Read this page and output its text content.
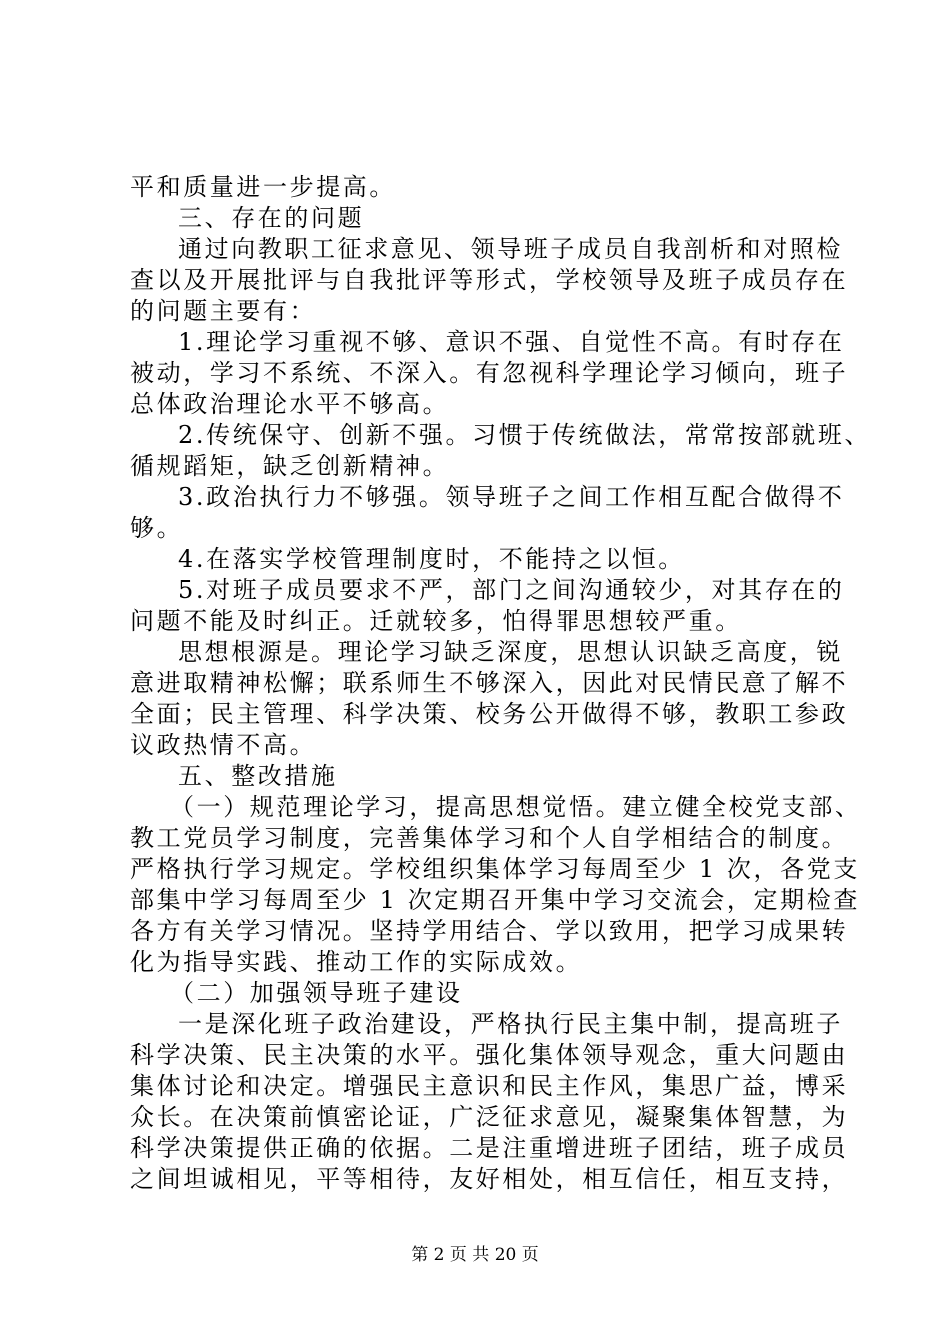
平和质量进一步提高。
三、存在的问题
通过向教职工征求意见、领导班子成员自我剖析和对照检
查以及开展批评与自我批评等形式，学校领导及班子成员存在
的问题主要有：
1.理论学习重视不够、意识不强、自觉性不高。有时存在
被动，学习不系统、不深入。有忽视科学理论学习倾向，班子
总体政治理论水平不够高。
2.传统保守、创新不强。习惯于传统做法，常常按部就班、
循规蹈矩，缺乏创新精神。
3.政治执行力不够强。领导班子之间工作相互配合做得不
够。
4.在落实学校管理制度时，不能持之以恒。
5.对班子成员要求不严，部门之间沟通较少，对其存在的
问题不能及时纠正。迁就较多，怕得罪思想较严重。
思想根源是。理论学习缺乏深度，思想认识缺乏高度，锐
意进取精神松懈；联系师生不够深入，因此对民情民意了解不
全面；民主管理、科学决策、校务公开做得不够，教职工参政
议政热情不高。
五、整改措施
（一）规范理论学习，提高思想觉悟。建立健全校党支部、
教工党员学习制度，完善集体学习和个人自学相结合的制度。
严格执行学习规定。学校组织集体学习每周至少 1 次，各党支
部集中学习每周至少 1 次定期召开集中学习交流会，定期检查
各方有关学习情况。坚持学用结合、学以致用，把学习成果转
化为指导实践、推动工作的实际成效。
（二）加强领导班子建设
一是深化班子政治建设，严格执行民主集中制，提高班子
科学决策、民主决策的水平。强化集体领导观念，重大问题由
集体讨论和决定。增强民主意识和民主作风，集思广益，博采
众长。在决策前慎密论证，广泛征求意见，凝聚集体智慧，为
科学决策提供正确的依据。二是注重增进班子团结，班子成员
之间坦诚相见，平等相待，友好相处，相互信任，相互支持，
第 2 页 共 20 页
